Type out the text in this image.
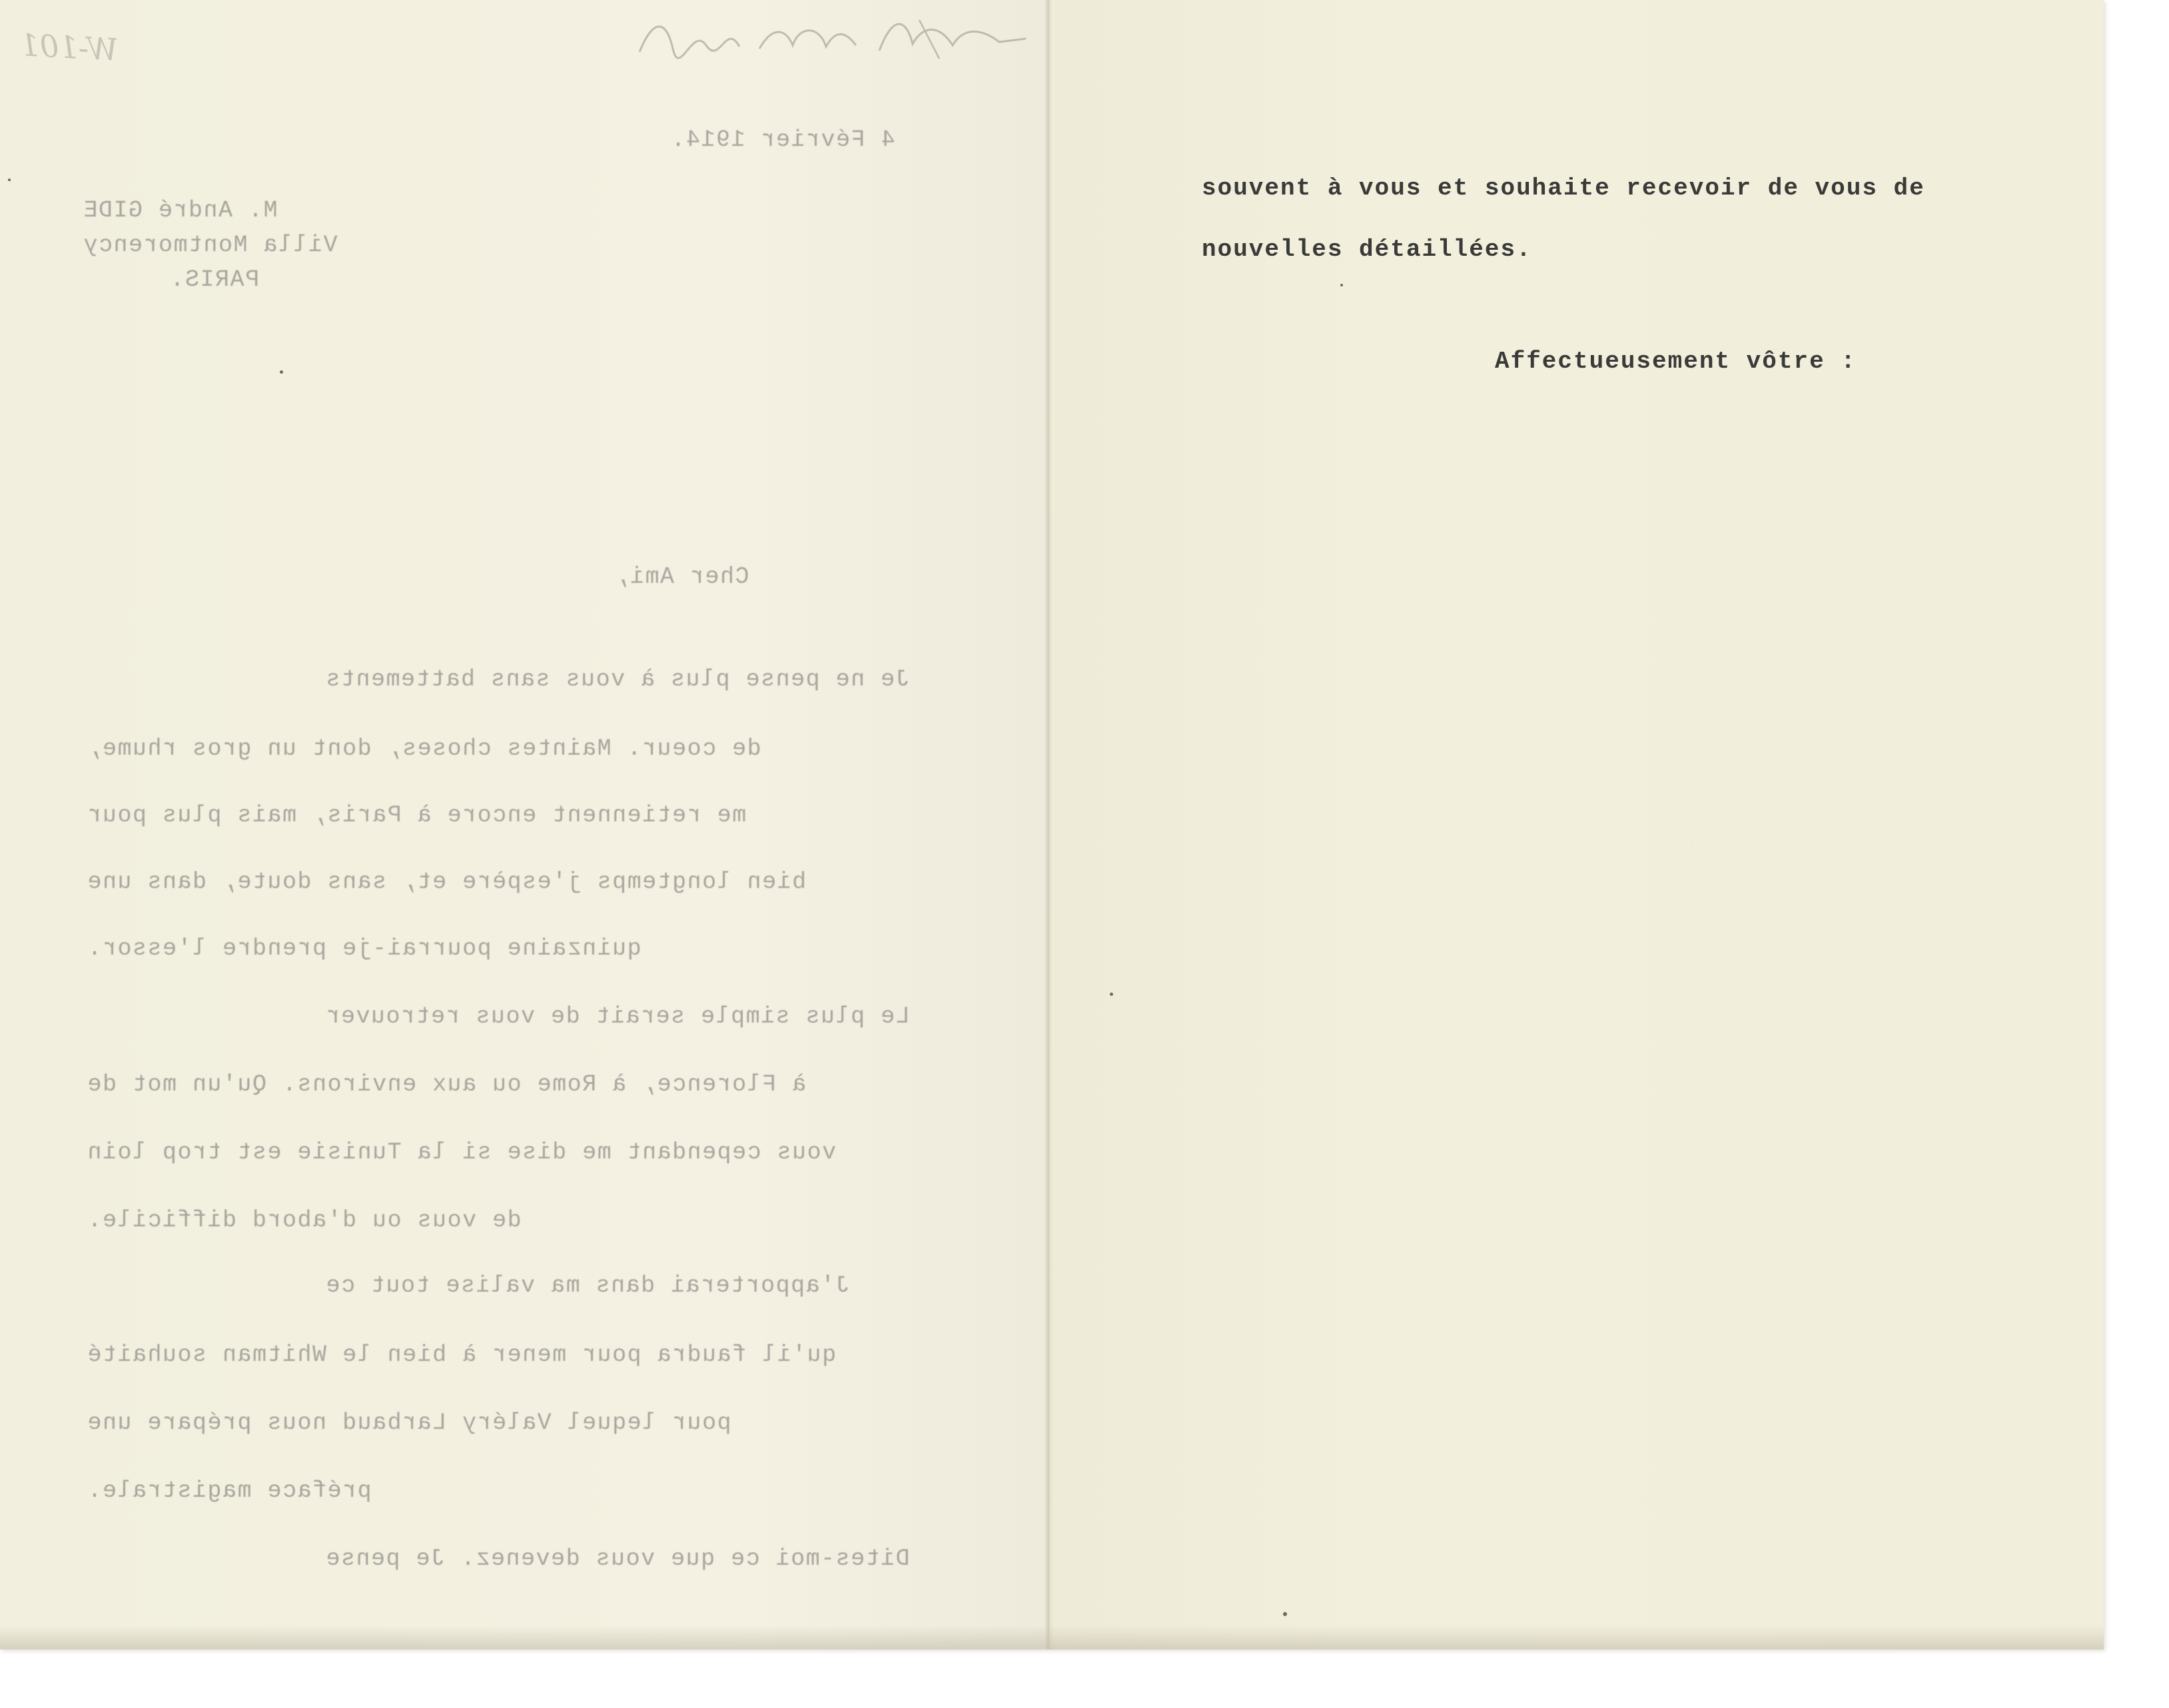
4 Février 1914.
M. André GIDE
Villa Montmorency
PARIS.
Cher Ami,
Je ne pense plus à vous sans battements
de coeur. Maintes choses, dont un gros rhume,
me retiennent encore à Paris, mais plus pour
bien longtemps j'espère et, sans doute, dans une
quinzaine pourrai-je prendre l'essor.
Le plus simple serait de vous retrouver
à Florence, à Rome ou aux environs. Qu'un mot de
vous cependant me dise si la Tunisie est trop loin
de vous ou d'abord difficile.
J'apporterai dans ma valise tout ce
qu'il faudra pour mener à bien le Whitman souhaité
pour lequel Valéry Larbaud nous prépare une
préface magistrale.
Dites-moi ce que vous devenez. Je pense
W-101

souvent à vous et souhaite recevoir de vous de
nouvelles détaillées.
Affectueusement vôtre :
